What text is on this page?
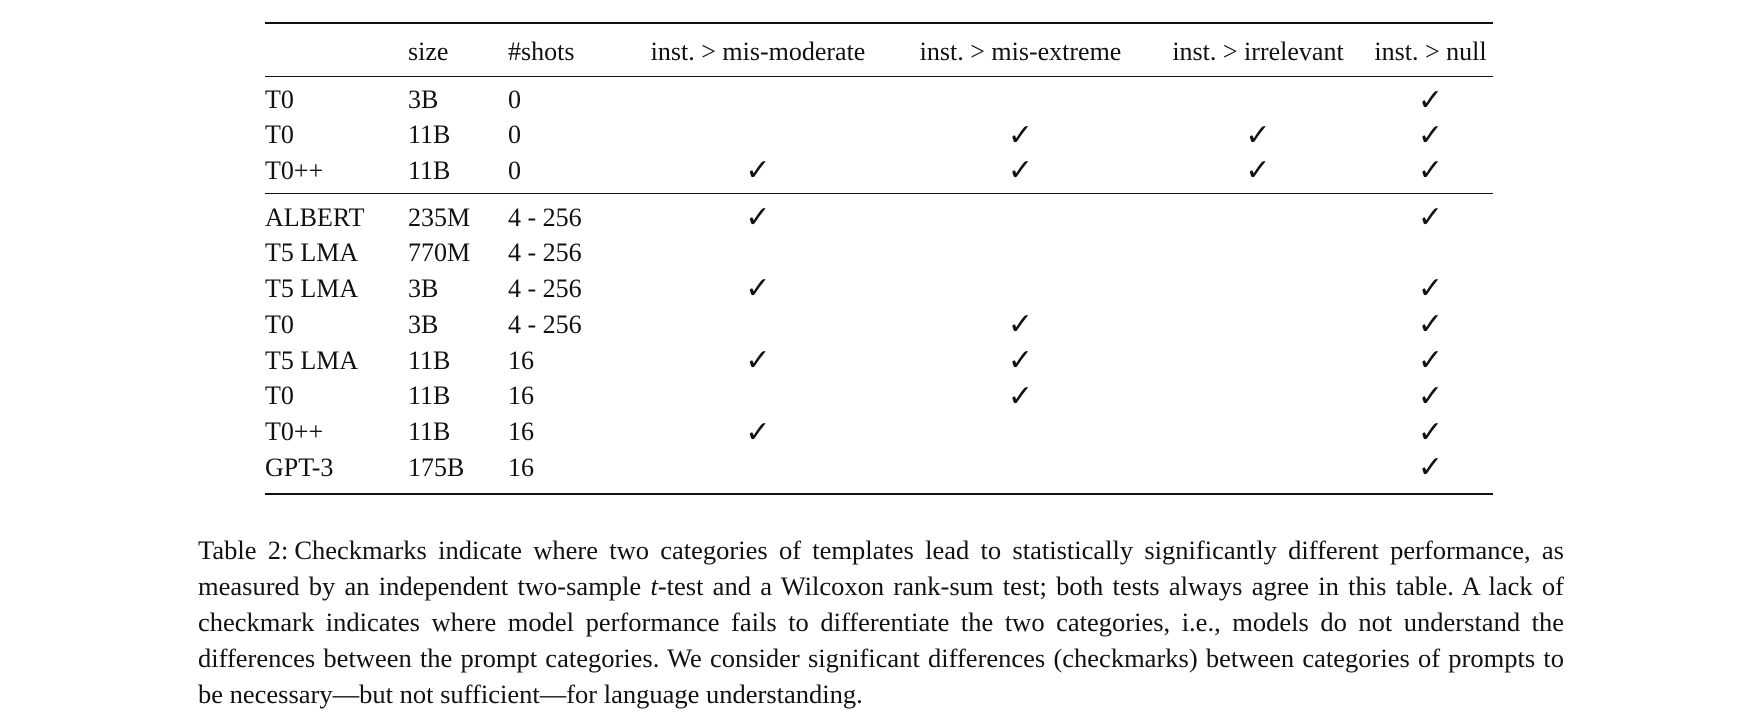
	size	#shots	inst. > mis-moderate	inst. > mis-extreme	inst. > irrelevant	inst. > null
T0	3B	0				✓
T0	11B	0		✓	✓	✓
T0++	11B	0	✓	✓	✓	✓
ALBERT	235M	4 - 256	✓			✓
T5 LMA	770M	4 - 256				
T5 LMA	3B	4 - 256	✓			✓
T0	3B	4 - 256		✓		✓
T5 LMA	11B	16	✓	✓		✓
T0	11B	16		✓		✓
T0++	11B	16	✓			✓
GPT-3	175B	16				✓
Table 2: Checkmarks indicate where two categories of templates lead to statistically significantly different performance, as measured by an independent two-sample t-test and a Wilcoxon rank-sum test; both tests always agree in this table. A lack of checkmark indicates where model performance fails to differentiate the two categories, i.e., models do not understand the differences between the prompt categories. We consider significant differences (checkmarks) between categories of prompts to be necessary—but not sufficient—for language understanding.
